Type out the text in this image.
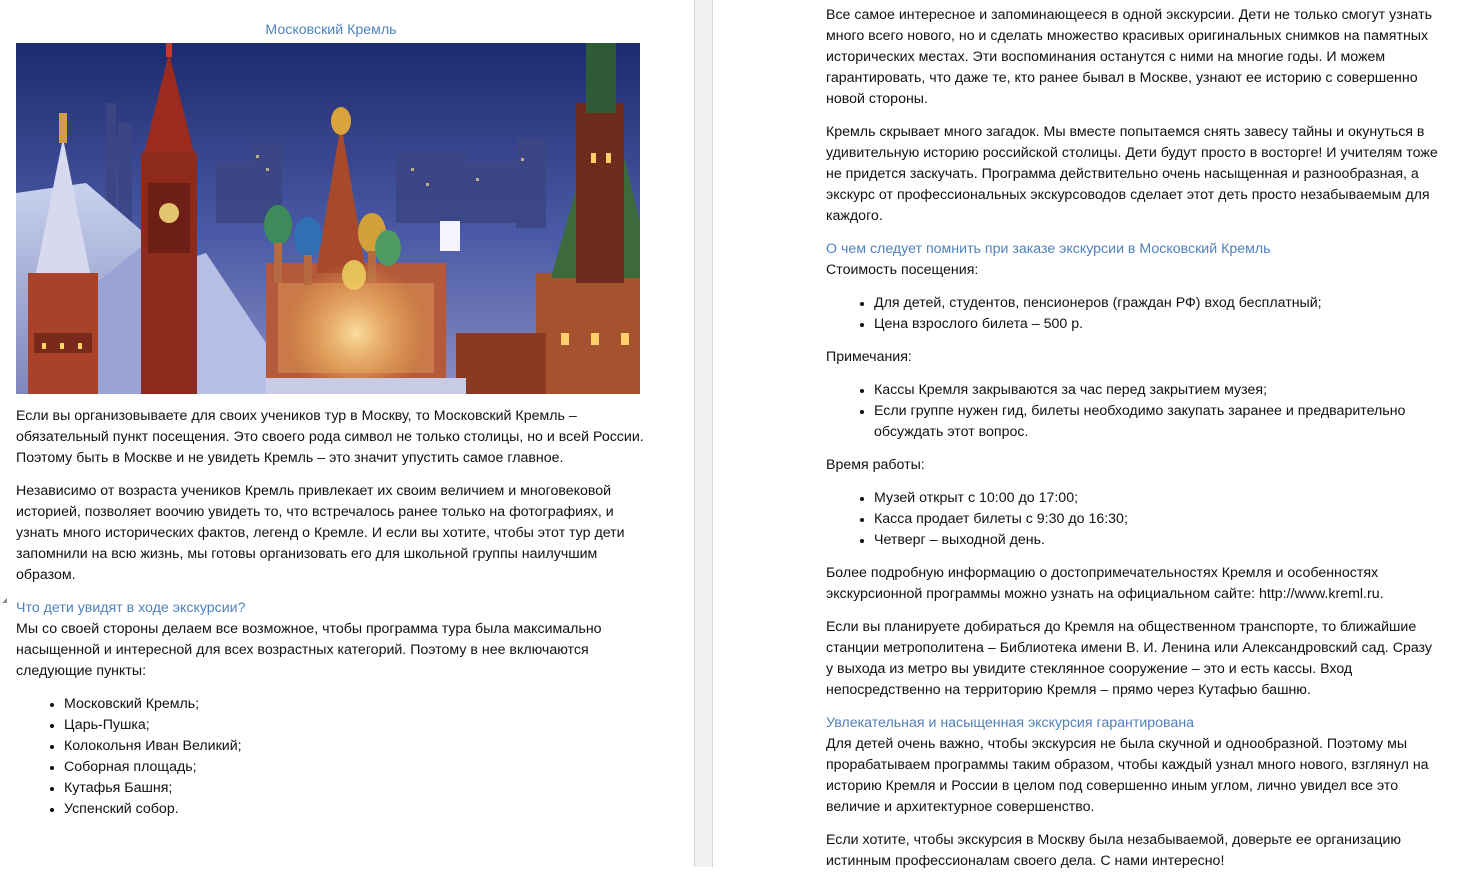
Московский Кремль

Если вы организовываете для своих учеников тур в Москву, то Московский Кремль – обязательный пункт посещения. Это своего рода символ не только столицы, но и всей России. Поэтому быть в Москве и не увидеть Кремль – это значит упустить самое главное.

Независимо от возраста учеников Кремль привлекает их своим величием и многовековой историей, позволяет воочию увидеть то, что встречалось ранее только на фотографиях, и узнать много исторических фактов, легенд о Кремле. И если вы хотите, чтобы этот тур дети запомнили на всю жизнь, мы готовы организовать его для школьной группы наилучшим образом.

Что дети увидят в ходе экскурсии?

Мы со своей стороны делаем все возможное, чтобы программа тура была максимально насыщенной и интересной для всех возрастных категорий. Поэтому в нее включаются следующие пункты:

• Московский Кремль;
• Царь-Пушка;
• Колокольня Иван Великий;
• Соборная площадь;
• Кутафья Башня;
• Успенский собор.

Все самое интересное и запоминающееся в одной экскурсии. Дети не только смогут узнать много всего нового, но и сделать множество красивых оригинальных снимков на памятных исторических местах. Эти воспоминания останутся с ними на многие годы. И можем гарантировать, что даже те, кто ранее бывал в Москве, узнают ее историю с совершенно новой стороны.

Кремль скрывает много загадок. Мы вместе попытаемся снять завесу тайны и окунуться в удивительную историю российской столицы. Дети будут просто в восторге! И учителям тоже не придется заскучать. Программа действительно очень насыщенная и разнообразная, а экскурс от профессиональных экскурсоводов сделает этот деть просто незабываемым для каждого.

О чем следует помнить при заказе экскурсии в Московский Кремль

Стоимость посещения:

• Для детей, студентов, пенсионеров (граждан РФ) вход бесплатный;
• Цена взрослого билета – 500 р.

Примечания:

• Кассы Кремля закрываются за час перед закрытием музея;
• Если группе нужен гид, билеты необходимо закупать заранее и предварительно обсуждать этот вопрос.

Время работы:

• Музей открыт с 10:00 до 17:00;
• Касса продает билеты с 9:30 до 16:30;
• Четверг – выходной день.

Более подробную информацию о достопримечательностях Кремля и особенностях экскурсионной программы можно узнать на официальном сайте: http://www.kreml.ru.

Если вы планируете добираться до Кремля на общественном транспорте, то ближайшие станции метрополитена – Библиотека имени В. И. Ленина или Александровский сад. Сразу у выхода из метро вы увидите стеклянное сооружение – это и есть кассы. Вход непосредственно на территорию Кремля – прямо через Кутафью башню.

Увлекательная и насыщенная экскурсия гарантирована

Для детей очень важно, чтобы экскурсия не была скучной и однообразной. Поэтому мы прорабатываем программы таким образом, чтобы каждый узнал много нового, взглянул на историю Кремля и России в целом под совершенно иным углом, лично увидел все это величие и архитектурное совершенство.

Если хотите, чтобы экскурсия в Москву была незабываемой, доверьте ее организацию истинным профессионалам своего дела. С нами интересно!
